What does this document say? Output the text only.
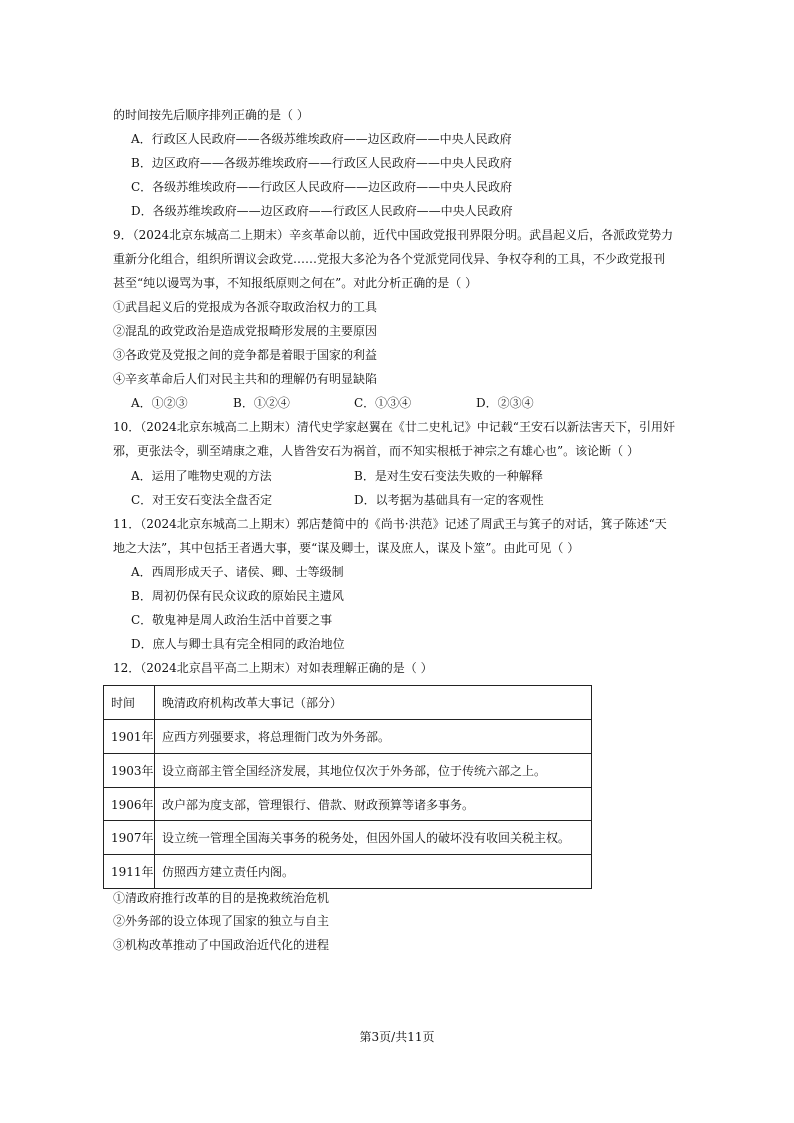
的时间按先后顺序排列正确的是（ ）
A．行政区人民政府——各级苏维埃政府——边区政府——中央人民政府
B．边区政府——各级苏维埃政府——行政区人民政府——中央人民政府
C．各级苏维埃政府——行政区人民政府——边区政府——中央人民政府
D．各级苏维埃政府——边区政府——行政区人民政府——中央人民政府
9．（2024北京东城高二上期末）辛亥革命以前，近代中国政党报刊界限分明。武昌起义后，各派政党势力
重新分化组合，组织所谓议会政党……党报大多沦为各个党派党同伐异、争权夺利的工具，不少政党报刊
甚至“纯以谩骂为事，不知报纸原则之何在”。对此分析正确的是（ ）
①武昌起义后的党报成为各派夺取政治权力的工具
②混乱的政党政治是造成党报畸形发展的主要原因
③各政党及党报之间的竞争都是着眼于国家的利益
④辛亥革命后人们对民主共和的理解仍有明显缺陷
A．①②③	B．①②④	C．①③④	D．②③④
10．（2024北京东城高二上期末）清代史学家赵翼在《廿二史札记》中记载“王安石以新法害天下，引用奸
邪，更张法令，驯至靖康之难，人皆咎安石为祸首，而不知实根柢于神宗之有雄心也”。该论断（ ）
A．运用了唯物史观的方法	B．是对生安石变法失败的一种解释
C．对王安石变法全盘否定	D．以考据为基础具有一定的客观性
11．（2024北京东城高二上期末）郭店楚简中的《尚书·洪范》记述了周武王与箕子的对话，箕子陈述“天
地之大法”，其中包括王者遇大事，要“谋及卿士，谋及庶人，谋及卜筮”。由此可见（ ）
A．西周形成天子、诸侯、卿、士等级制
B．周初仍保有民众议政的原始民主遗风
C．敬鬼神是周人政治生活中首要之事
D．庶人与卿士具有完全相同的政治地位
12．（2024北京昌平高二上期末）对如表理解正确的是（ ）
时间	晚清政府机构改革大事记（部分）
1901年	应西方列强要求，将总理衙门改为外务部。
1903年	设立商部主管全国经济发展，其地位仅次于外务部，位于传统六部之上。
1906年	改户部为度支部，管理银行、借款、财政预算等诸多事务。
1907年	设立统一管理全国海关事务的税务处，但因外国人的破坏没有收回关税主权。
1911年	仿照西方建立责任内阁。
①清政府推行改革的目的是挽救统治危机
②外务部的设立体现了国家的独立与自主
③机构改革推动了中国政治近代化的进程
第3页/共11页
